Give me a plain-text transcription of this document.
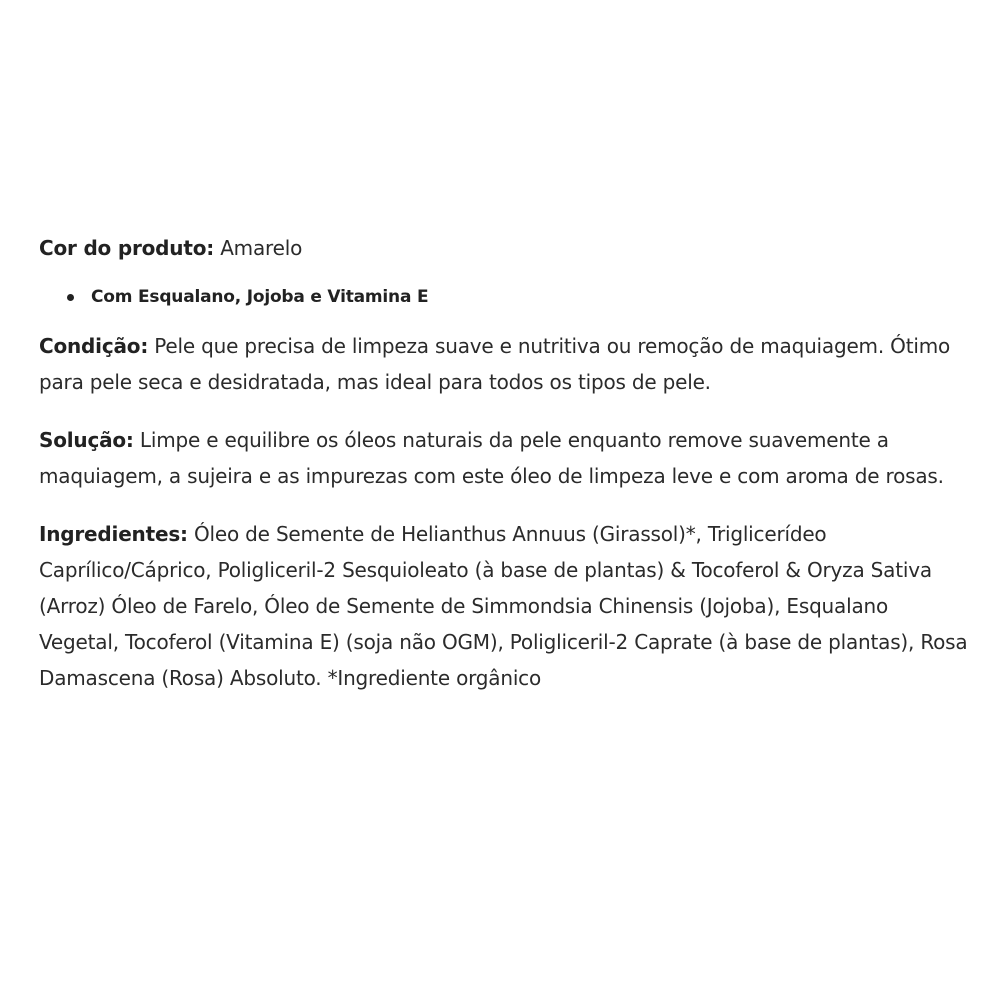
Cor do produto: Amarelo

Com Esqualano, Jojoba e Vitamina E

Condição: Pele que precisa de limpeza suave e nutritiva ou remoção de maquiagem. Ótimo para pele seca e desidratada, mas ideal para todos os tipos de pele.

Solução: Limpe e equilibre os óleos naturais da pele enquanto remove suavemente a maquiagem, a sujeira e as impurezas com este óleo de limpeza leve e com aroma de rosas.

Ingredientes: Óleo de Semente de Helianthus Annuus (Girassol)*, Triglicerídeo Caprílico/Cáprico, Poligliceril-2 Sesquioleato (à base de plantas) & Tocoferol & Oryza Sativa (Arroz) Óleo de Farelo, Óleo de Semente de Simmondsia Chinensis (Jojoba), Esqualano Vegetal, Tocoferol (Vitamina E) (soja não OGM), Poligliceril-2 Caprate (à base de plantas), Rosa Damascena (Rosa) Absoluto. *Ingrediente orgânico
